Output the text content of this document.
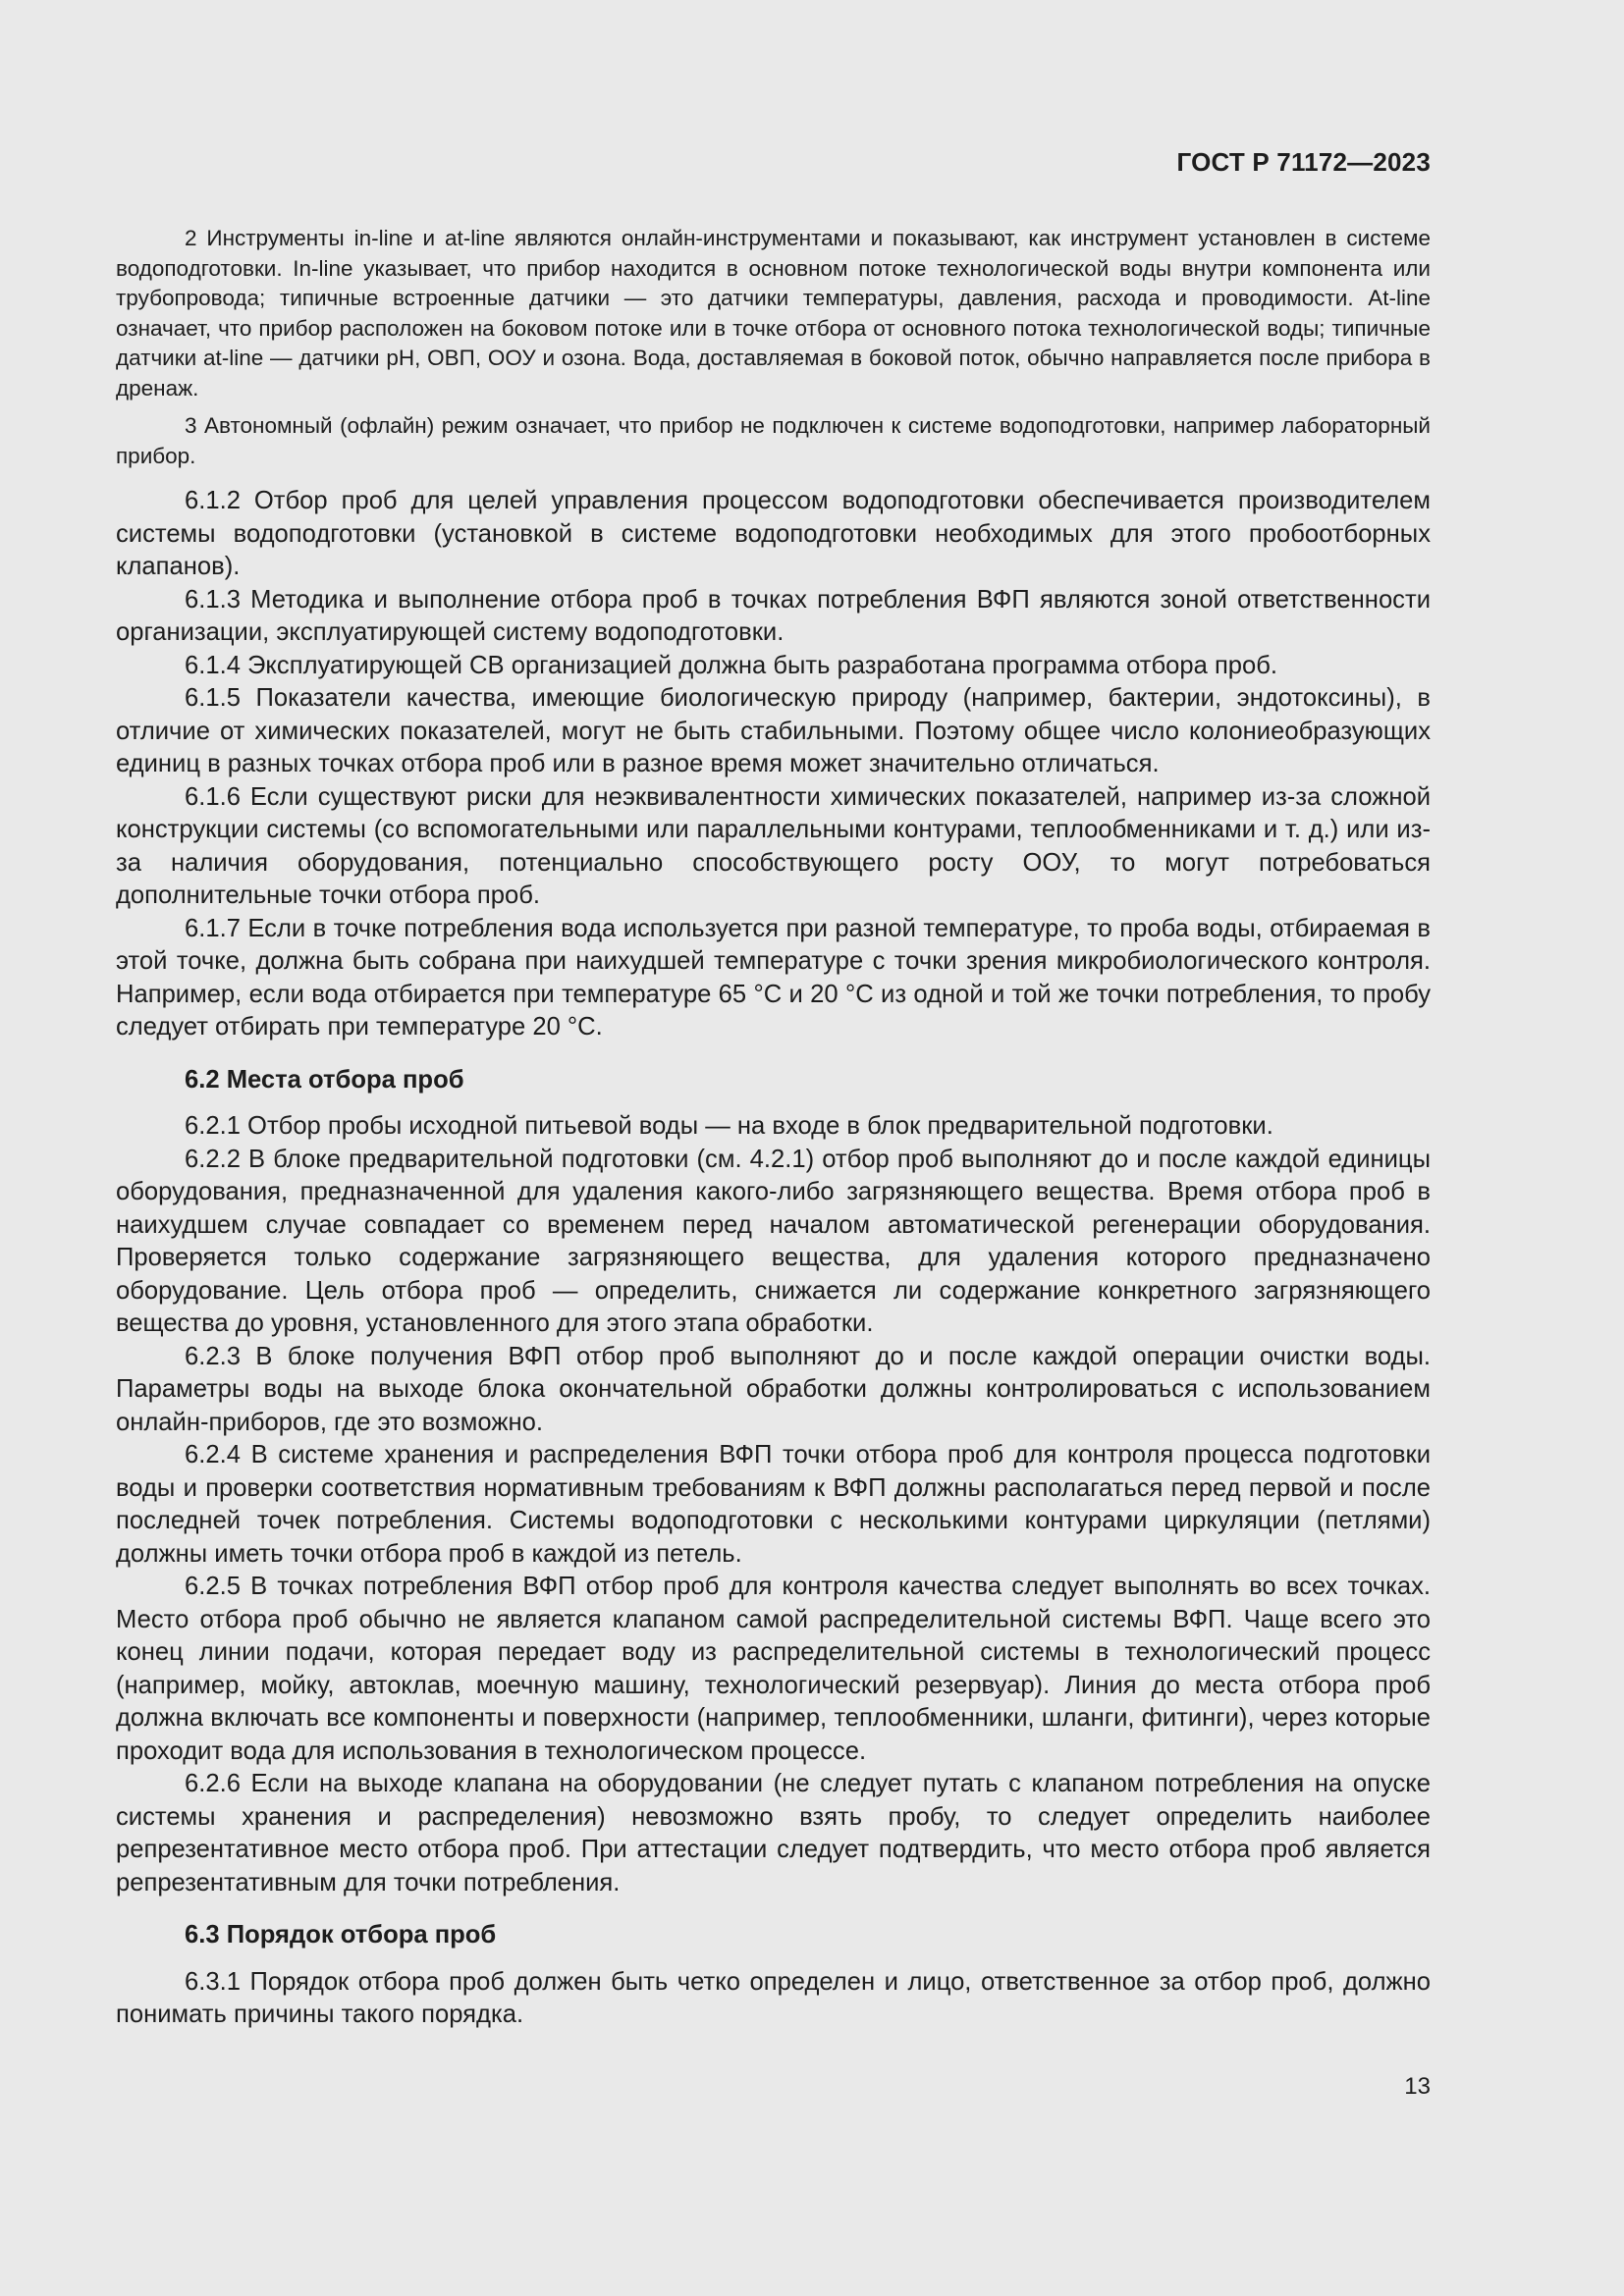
ГОСТ Р 71172—2023

2 Инструменты in-line и at-line являются онлайн-инструментами и показывают, как инструмент установлен в системе водоподготовки. In-line указывает, что прибор находится в основном потоке технологической воды внутри компонента или трубопровода; типичные встроенные датчики — это датчики температуры, давления, расхода и проводимости. At-line означает, что прибор расположен на боковом потоке или в точке отбора от основного потока технологической воды; типичные датчики at-line — датчики pH, ОВП, ООУ и озона. Вода, доставляемая в боковой поток, обычно направляется после прибора в дренаж.

3 Автономный (офлайн) режим означает, что прибор не подключен к системе водоподготовки, например лабораторный прибор.

6.1.2 Отбор проб для целей управления процессом водоподготовки обеспечивается производителем системы водоподготовки (установкой в системе водоподготовки необходимых для этого пробоотборных клапанов).

6.1.3 Методика и выполнение отбора проб в точках потребления ВФП являются зоной ответственности организации, эксплуатирующей систему водоподготовки.

6.1.4 Эксплуатирующей СВ организацией должна быть разработана программа отбора проб.

6.1.5 Показатели качества, имеющие биологическую природу (например, бактерии, эндотоксины), в отличие от химических показателей, могут не быть стабильными. Поэтому общее число колониеобразующих единиц в разных точках отбора проб или в разное время может значительно отличаться.

6.1.6 Если существуют риски для неэквивалентности химических показателей, например из-за сложной конструкции системы (со вспомогательными или параллельными контурами, теплообменниками и т. д.) или из-за наличия оборудования, потенциально способствующего росту ООУ, то могут потребоваться дополнительные точки отбора проб.

6.1.7 Если в точке потребления вода используется при разной температуре, то проба воды, отбираемая в этой точке, должна быть собрана при наихудшей температуре с точки зрения микробиологического контроля. Например, если вода отбирается при температуре 65 °С и 20 °С из одной и той же точки потребления, то пробу следует отбирать при температуре 20 °С.

6.2 Места отбора проб

6.2.1 Отбор пробы исходной питьевой воды — на входе в блок предварительной подготовки.

6.2.2 В блоке предварительной подготовки (см. 4.2.1) отбор проб выполняют до и после каждой единицы оборудования, предназначенной для удаления какого-либо загрязняющего вещества. Время отбора проб в наихудшем случае совпадает со временем перед началом автоматической регенерации оборудования. Проверяется только содержание загрязняющего вещества, для удаления которого предназначено оборудование. Цель отбора проб — определить, снижается ли содержание конкретного загрязняющего вещества до уровня, установленного для этого этапа обработки.

6.2.3 В блоке получения ВФП отбор проб выполняют до и после каждой операции очистки воды. Параметры воды на выходе блока окончательной обработки должны контролироваться с использованием онлайн-приборов, где это возможно.

6.2.4 В системе хранения и распределения ВФП точки отбора проб для контроля процесса подготовки воды и проверки соответствия нормативным требованиям к ВФП должны располагаться перед первой и после последней точек потребления. Системы водоподготовки с несколькими контурами циркуляции (петлями) должны иметь точки отбора проб в каждой из петель.

6.2.5 В точках потребления ВФП отбор проб для контроля качества следует выполнять во всех точках. Место отбора проб обычно не является клапаном самой распределительной системы ВФП. Чаще всего это конец линии подачи, которая передает воду из распределительной системы в технологический процесс (например, мойку, автоклав, моечную машину, технологический резервуар). Линия до места отбора проб должна включать все компоненты и поверхности (например, теплообменники, шланги, фитинги), через которые проходит вода для использования в технологическом процессе.

6.2.6 Если на выходе клапана на оборудовании (не следует путать с клапаном потребления на опуске системы хранения и распределения) невозможно взять пробу, то следует определить наиболее репрезентативное место отбора проб. При аттестации следует подтвердить, что место отбора проб является репрезентативным для точки потребления.

6.3 Порядок отбора проб

6.3.1 Порядок отбора проб должен быть четко определен и лицо, ответственное за отбор проб, должно понимать причины такого порядка.

13
